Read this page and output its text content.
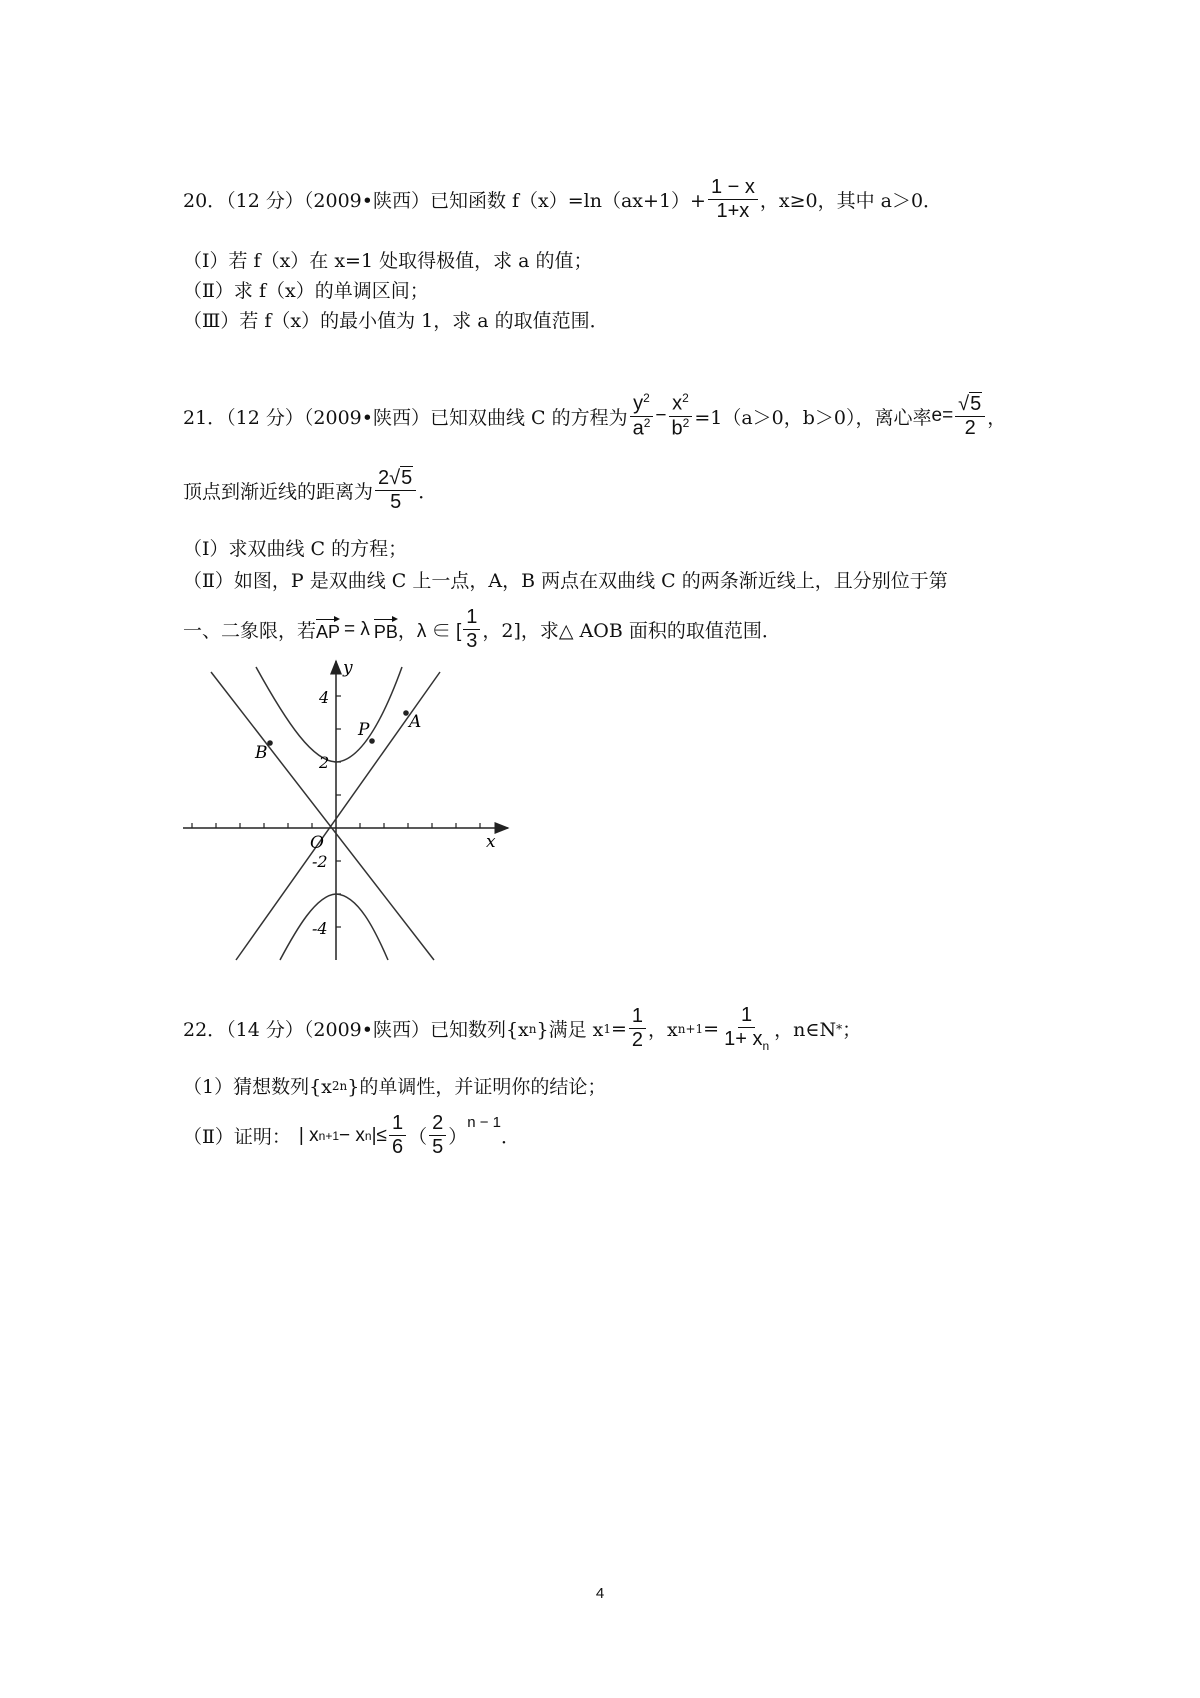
20．（12 分）（2009•陕西）已知函数 $f(x)=\ln(ax+1)+ \frac{1 - x}{1+x}$ ，x≥0，其中 a＞0．
（Ⅰ）若 f（x）在 x=1 处取得极值，求 a 的值；
（Ⅱ）求 f（x）的单调区间；
（Ⅲ）若 f（x）的最小值为 1，求 a 的取值范围．
21．（12 分）（2009•陕西）已知双曲线 C 的方程为 $\frac{y^2}{a^2} - \frac{x^2}{b^2} =1(a>0$，b＞0），离心率 $e= \frac{√ 5}{2}$ ，
顶点到渐近线的距离为 $\frac{2√ 5}{5}$ ．
（Ⅰ）求双曲线 C 的方程；
（Ⅱ）如图，P 是双曲线 C 上一点，A，B 两点在双曲线 C 的两条渐近线上，且分别位于第
一、二象限，若 AP = λ PB ，λ ∈ [ $\frac{1}{3}$ ，2]，求△ AOB 面积的取值范围．
y
x
O
4
2
-2
-4
P A
B
22．（14 分）（2009•陕西）已知数列{x n }满足 x $1 = \frac{1}{2}$ ，x $n+1 = \frac{1}{1+ x_n}$ ，n∈N * ；
（1）猜想数列{x 2n }的单调性，并证明你的结论；
（Ⅱ）证明： | x n+1 − x n |≤ $\frac{1}{6}$ （ $\frac{2}{5}$ ）
$^{n - 1}$
．
4
